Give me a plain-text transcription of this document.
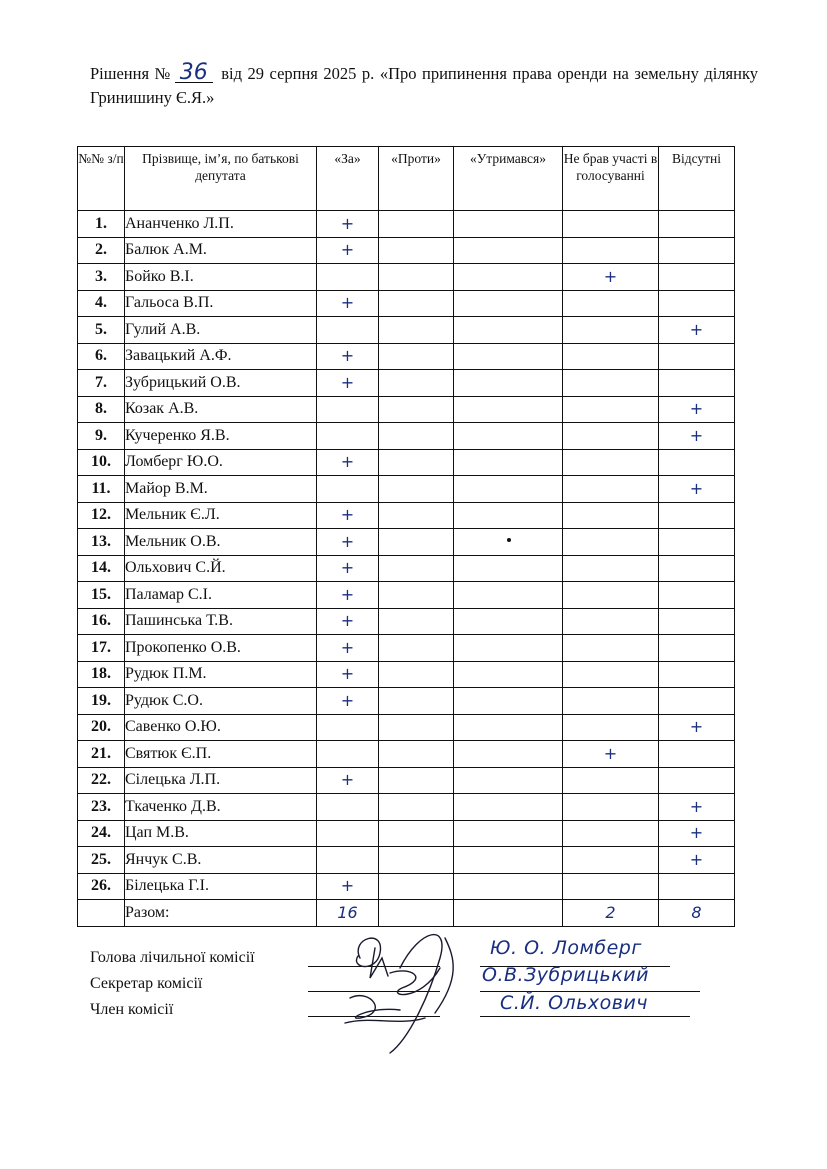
Рішення № 36 від 29 серпня 2025 р. «Про припинення права оренди на земельну ділянку Гринишину Є.Я.»
№№ з/п	Прізвище, ім’я, по батькові депутата	«За»	«Проти»	«Утримався»	Не брав участі в голосуванні	Відсутні
1.	Ананченко Л.П.	+				
2.	Балюк А.М.	+				
3.	Бойко В.І.				+	
4.	Гальоса В.П.	+				
5.	Гулий А.В.					+
6.	Завацький А.Ф.	+				
7.	Зубрицький О.В.	+				
8.	Козак А.В.					+
9.	Кучеренко Я.В.					+
10.	Ломберг Ю.О.	+				
11.	Майор В.М.					+
12.	Мельник Є.Л.	+				
13.	Мельник О.В.	+				
14.	Ольхович С.Й.	+				
15.	Паламар С.І.	+				
16.	Пашинська Т.В.	+				
17.	Прокопенко О.В.	+				
18.	Рудюк П.М.	+				
19.	Рудюк С.О.	+				
20.	Савенко О.Ю.					+
21.	Святюк Є.П.				+	
22.	Сілецька Л.П.	+				
23.	Ткаченко Д.В.					+
24.	Цап М.В.					+
25.	Янчук С.В.					+
26.	Білецька Г.І.	+				
	Разом:	16			2	8
Голова лічильної комісії
Секретар комісії
Член комісії
Ю. О. Ломберг
О.В.Зубрицький
С.Й. Ольхович
